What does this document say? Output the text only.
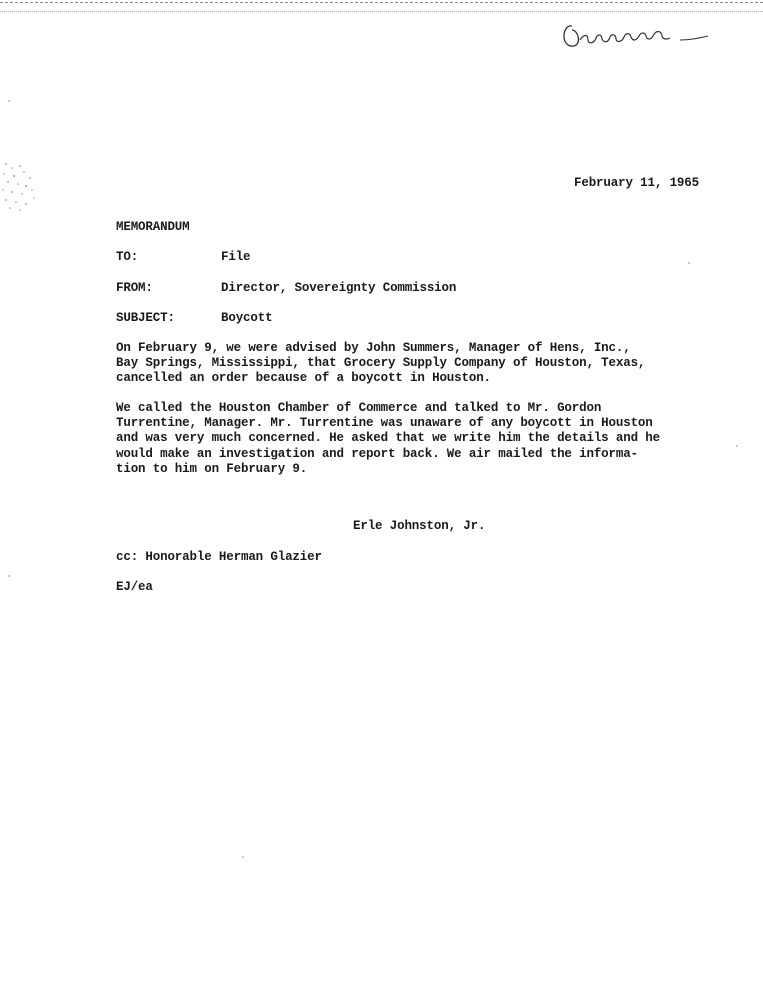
February 11, 1965
MEMORANDUM
TO:	File
FROM:	Director, Sovereignty Commission
SUBJECT:	Boycott
On February 9, we were advised by John Summers, Manager of Hens, Inc.,
Bay Springs, Mississippi, that Grocery Supply Company of Houston, Texas,
cancelled an order because of a boycott in Houston.
We called the Houston Chamber of Commerce and talked to Mr. Gordon
Turrentine, Manager. Mr. Turrentine was unaware of any boycott in Houston
and was very much concerned. He asked that we write him the details and he
would make an investigation and report back. We air mailed the informa-
tion to him on February 9.
Erle Johnston, Jr.
cc: Honorable Herman Glazier
EJ/ea
